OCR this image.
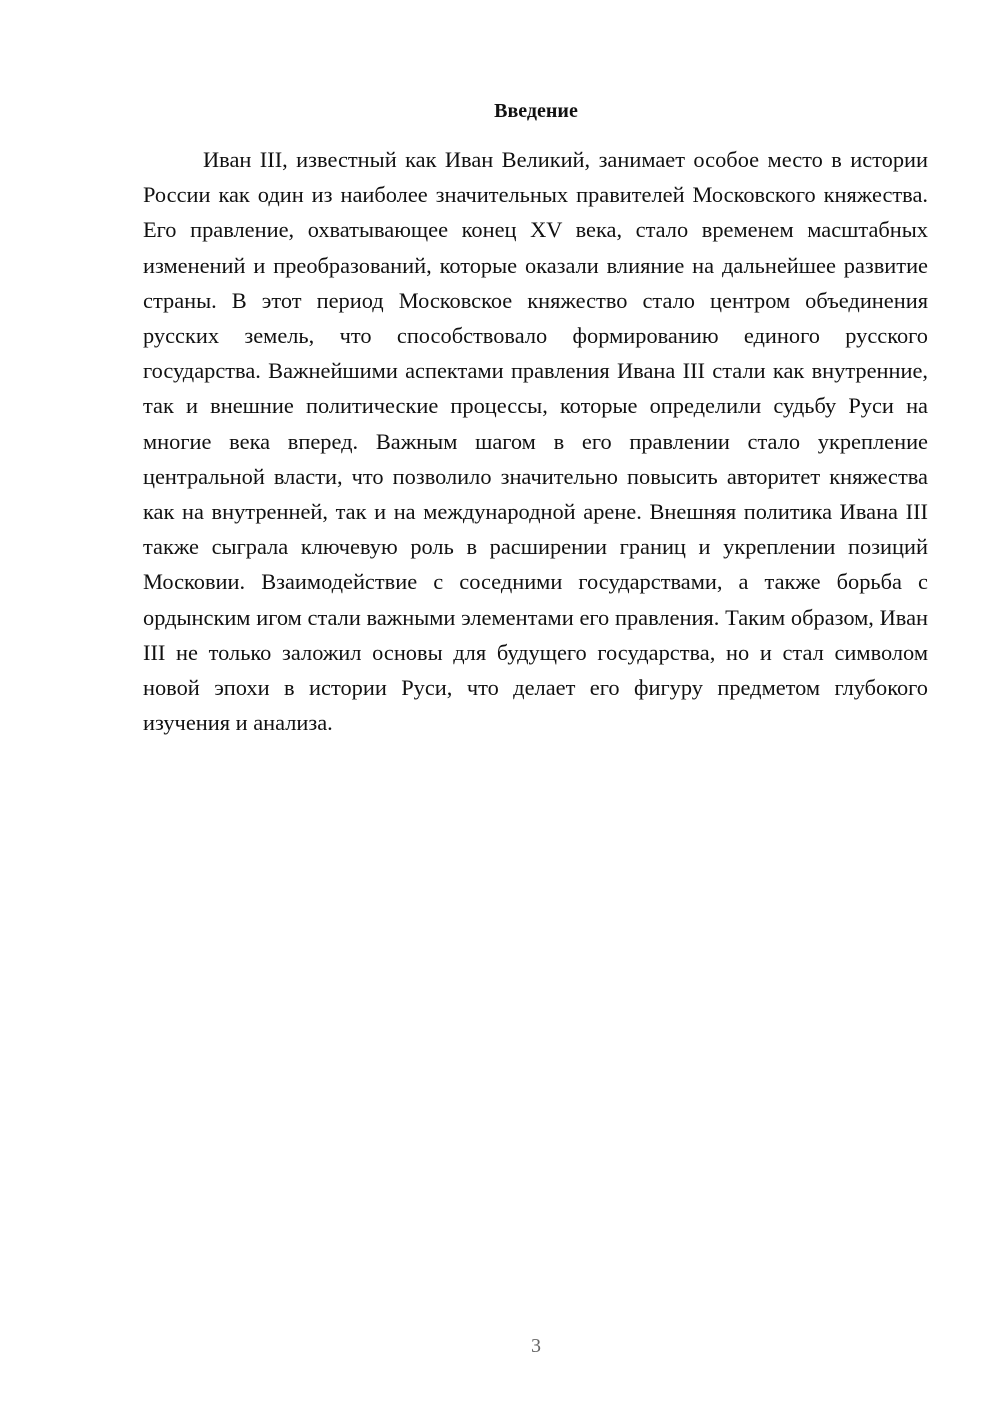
Введение

Иван III, известный как Иван Великий, занимает особое место в истории России как один из наиболее значительных правителей Московского княжества. Его правление, охватывающее конец XV века, стало временем масштабных изменений и преобразований, которые оказали влияние на дальнейшее развитие страны. В этот период Московское княжество стало центром объединения русских земель, что способствовало формированию единого русского государства. Важнейшими аспектами правления Ивана III стали как внутренние, так и внешние политические процессы, которые определили судьбу Руси на многие века вперед. Важным шагом в его правлении стало укрепление центральной власти, что позволило значительно повысить авторитет княжества как на внутренней, так и на международной арене. Внешняя политика Ивана III также сыграла ключевую роль в расширении границ и укреплении позиций Московии. Взаимодействие с соседними государствами, а также борьба с ордынским игом стали важными элементами его правления. Таким образом, Иван III не только заложил основы для будущего государства, но и стал символом новой эпохи в истории Руси, что делает его фигуру предметом глубокого изучения и анализа.

3
